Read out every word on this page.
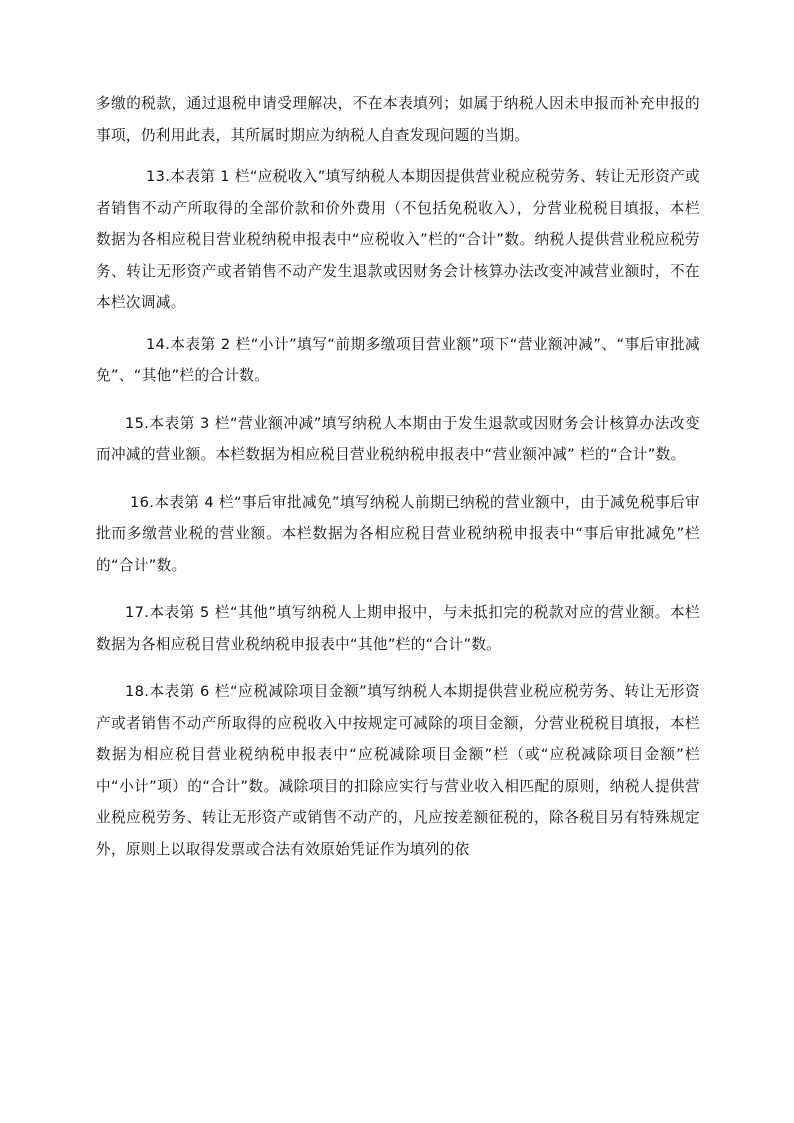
多缴的税款，通过退税申请受理解决，不在本表填列；如属于纳税人因未申报而补充申报的事项，仍利用此表，其所属时期应为纳税人自查发现问题的当期。

13.本表第 1 栏“应税收入”填写纳税人本期因提供营业税应税劳务、转让无形资产或者销售不动产所取得的全部价款和价外费用（不包括免税收入），分营业税税目填报，本栏数据为各相应税目营业税纳税申报表中“应税收入”栏的“合计”数。纳税人提供营业税应税劳务、转让无形资产或者销售不动产发生退款或因财务会计核算办法改变冲减营业额时，不在本栏次调减。

14.本表第 2 栏“小计”填写“前期多缴项目营业额”项下“营业额冲减”、“事后审批减免”、“其他”栏的合计数。

15.本表第 3 栏“营业额冲减”填写纳税人本期由于发生退款或因财务会计核算办法改变而冲减的营业额。本栏数据为相应税目营业税纳税申报表中“营业额冲减” 栏的“合计”数。

16.本表第 4 栏“事后审批减免”填写纳税人前期已纳税的营业额中，由于减免税事后审批而多缴营业税的营业额。本栏数据为各相应税目营业税纳税申报表中“事后审批减免”栏的“合计”数。

17.本表第 5 栏“其他”填写纳税人上期申报中，与未抵扣完的税款对应的营业额。本栏数据为各相应税目营业税纳税申报表中“其他”栏的“合计”数。

18.本表第 6 栏“应税减除项目金额”填写纳税人本期提供营业税应税劳务、转让无形资产或者销售不动产所取得的应税收入中按规定可减除的项目金额，分营业税税目填报，本栏数据为相应税目营业税纳税申报表中“应税减除项目金额”栏（或“应税减除项目金额”栏中“小计”项）的“合计”数。减除项目的扣除应实行与营业收入相匹配的原则，纳税人提供营业税应税劳务、转让无形资产或销售不动产的，凡应按差额征税的，除各税目另有特殊规定外，原则上以取得发票或合法有效原始凭证作为填列的依
